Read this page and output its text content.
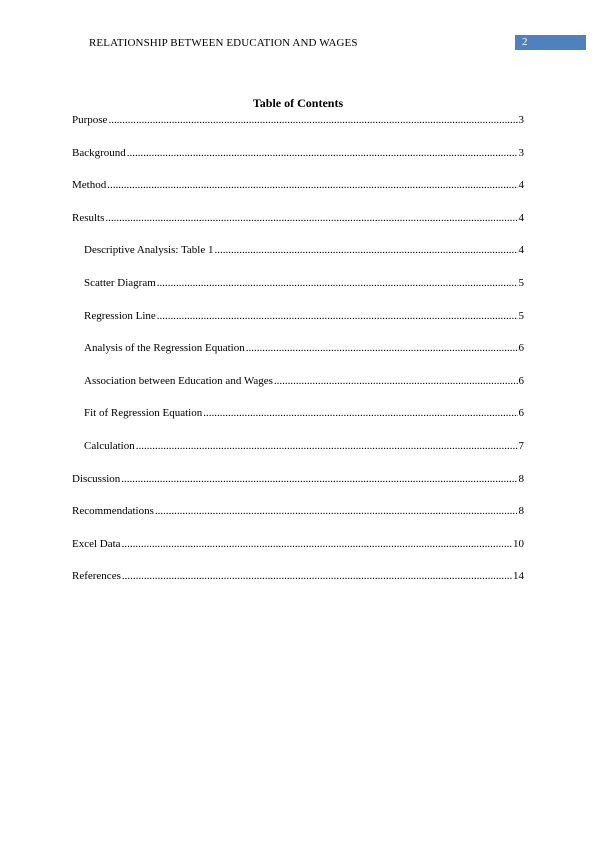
RELATIONSHIP BETWEEN EDUCATION AND WAGES	2
Table of Contents
Purpose .....	3
Background .....	3
Method .....	4
Results .....	4
Descriptive Analysis: Table 1 .....	4
Scatter Diagram .....	5
Regression Line .....	5
Analysis of the Regression Equation .....	6
Association between Education and Wages .....	6
Fit of Regression Equation .....	6
Calculation .....	7
Discussion .....	8
Recommendations .....	8
Excel Data .....	10
References .....	14
